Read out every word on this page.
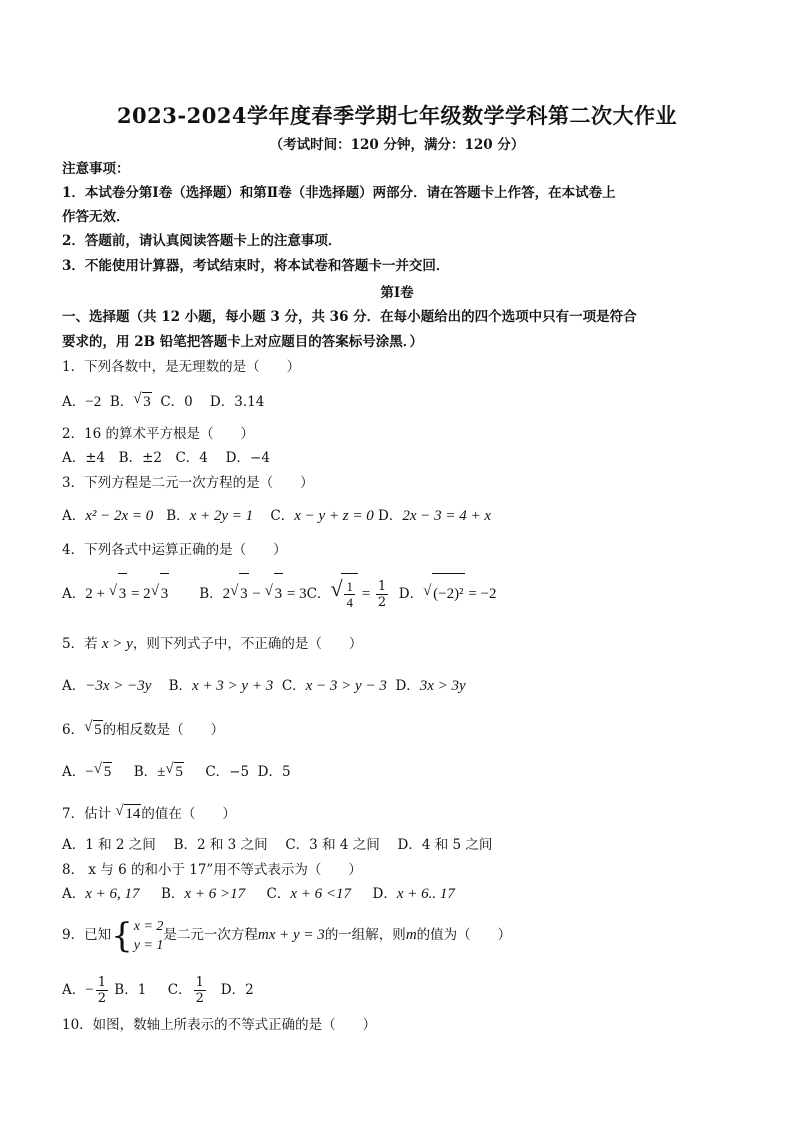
2023-2024学年度春季学期七年级数学学科第二次大作业
（考试时间：120 分钟，满分：120 分）
注意事项：
1．本试卷分第Ⅰ卷（选择题）和第Ⅱ卷（非选择题）两部分．请在答题卡上作答，在本试卷上
作答无效．
2．答题前，请认真阅读答题卡上的注意事项．
3．不能使用计算器，考试结束时，将本试卷和答题卡一并交回．
第Ⅰ卷
一、选择题（共 12 小题，每小题 3 分，共 36 分．在每小题给出的四个选项中只有一项是符合
要求的，用 2B 铅笔把答题卡上对应题目的答案标号涂黑．）
1．下列各数中，是无理数的是（　　）
A．−2 B． √ 3 C．0 D．3.14
2．16 的算术平方根是（　　）
A．±4　B．±2　C．4　 D．−4
3．下列方程是二元一次方程的是（　　）
A．x² − 2x = 0 B．x + 2y = 1 C．x − y + z = 0 D．2x − 3 = 4 + x
4．下列各式中运算正确的是（　　）
A．2 + √ 3 = 2 √ 3 B．2 √ 3 − √ 3 = 3C． √ $\frac{1}{4} = \frac{1}{2}$ D． √ (−2)² = −2
5．若 x > y，则下列式子中，不正确的是（　　）
A．−3x > −3y B．x + 3 > y + 3 C．x − 3 > y − 3 D．3x > 3y
6． √ 5的相反数是（　　）
A．− √ 5 B．± √ 5 C．−5 D．5
7．估计 √ 14的值在（　　）
A．1 和 2 之间　 B．2 和 3 之间　 C．3 和 4 之间　 D．4 和 5 之间
8． x 与 6 的和小于 17”用不等式表示为（　　）
A．x + 6, 17 B．x + 6 >17 C．x + 6 <17 D．x + 6.. 17
9．已知{ x = 2
y = 1
是二元一次方程mx + y = 3的一组解，则m的值为（　　）
A．− $\frac{1}{2}$ B．1 C． $\frac{1}{2}$ D．2
10．如图，数轴上所表示的不等式正确的是（　　）
